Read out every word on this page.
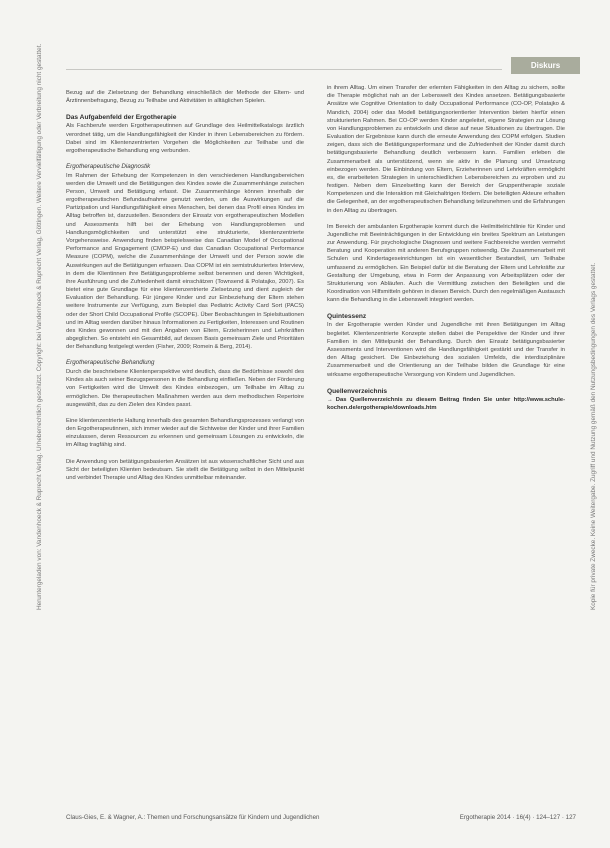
Diskurs
Heruntergeladen von: Vandenhoeck & Ruprecht Verlag. Urheberrechtlich geschützt. Copyright: bei Vandenhoeck & Ruprecht Verlag, Göttingen. Weitere Vervielfältigung oder Verbreitung nicht gestattet.	Kopie für private Zwecke. Keine Weitergabe. Zugriff und Nutzung gemäß den Nutzungsbedingungen des Verlags gestattet.

Bezug auf die Zielsetzung der Behandlung einschließlich der Methode der Eltern- und Ärztinnenbefragung, Bezug zu Teilhabe und Aktivitäten in alltäglichen Spielen.

Das Aufgabenfeld der Ergotherapie

Als Fachberufe werden Ergotherapeutinnen auf Grundlage des Heilmittelkatalogs ärztlich verordnet tätig, um die Handlungsfähigkeit der Kinder in ihren Lebensbereichen zu fördern. Dabei sind im Klientenzentrierten Vorgehen die Möglichkeiten zur Teilhabe und die ergotherapeutische Behandlung eng verbunden.

Ergotherapeutische Diagnostik

Im Rahmen der Erhebung der Kompetenzen in den verschiedenen Handlungsbereichen werden die Umwelt und die Betätigungen des Kindes sowie die Zusammenhänge zwischen Person, Umwelt und Betätigung erfasst. Die Zusammenhänge können innerhalb der ergotherapeutischen Befundaufnahme genutzt werden, um die Auswirkungen auf die Partizipation und Handlungsfähigkeit eines Menschen, bei denen das Profil eines Kindes im Alltag betroffen ist, darzustellen. Besonders der Einsatz von ergotherapeutischen Modellen und Assessments hilft bei der Erhebung von Handlungsproblemen und Handlungsmöglichkeiten und unterstützt eine strukturierte, klientenzentrierte Vorgehensweise. Anwendung finden beispielsweise das Canadian Model of Occupational Performance and Engagement (CMOP-E) und das Canadian Occupational Performance Measure (COPM), welche die Zusammenhänge der Umwelt und der Person sowie die Auswirkungen auf die Betätigungen erfassen. Das COPM ist ein semistrukturiertes Interview, in dem die Klientinnen ihre Betätigungsprobleme selbst benennen und deren Wichtigkeit, ihre Ausführung und die Zufriedenheit damit einschätzen (Townsend & Polatajko, 2007). Es bietet eine gute Grundlage für eine klientenzentrierte Zielsetzung und dient zugleich der Evaluation der Behandlung. Für jüngere Kinder und zur Einbeziehung der Eltern stehen weitere Instrumente zur Verfügung, zum Beispiel das Pediatric Activity Card Sort (PACS) oder der Short Child Occupational Profile (SCOPE). Über Beobachtungen in Spielsituationen und im Alltag werden darüber hinaus Informationen zu Fertigkeiten, Interessen und Routinen des Kindes gewonnen und mit den Angaben von Eltern, Erzieherinnen und Lehrkräften abgeglichen. So entsteht ein Gesamtbild, auf dessen Basis gemeinsam Ziele und Prioritäten der Behandlung festgelegt werden (Fisher, 2009; Romein & Berg, 2014).

Ergotherapeutische Behandlung

Durch die beschriebene Klientenperspektive wird deutlich, dass die Bedürfnisse sowohl des Kindes als auch seiner Bezugspersonen in die Behandlung einfließen. Neben der Förderung von Fertigkeiten wird die Umwelt des Kindes einbezogen, um Teilhabe im Alltag zu ermöglichen. Die therapeutischen Maßnahmen werden aus dem methodischen Repertoire ausgewählt, das zu den Zielen des Kindes passt.

Eine klientenzentrierte Haltung innerhalb des gesamten Behandlungsprozesses verlangt von den Ergotherapeutinnen, sich immer wieder auf die Sichtweise der Kinder und ihrer Familien einzulassen, deren Ressourcen zu erkennen und gemeinsam Lösungen zu entwickeln, die im Alltag tragfähig sind.

Die Anwendung von betätigungsbasierten Ansätzen ist aus wissenschaftlicher Sicht und aus Sicht der beteiligten Klienten bedeutsam. Sie stellt die Betätigung selbst in den Mittelpunkt und verbindet Therapie und Alltag des Kindes unmittelbar miteinander.

in ihrem Alltag. Um einen Transfer der erlernten Fähigkeiten in den Alltag zu sichern, sollte die Therapie möglichst nah an der Lebenswelt des Kindes ansetzen. Betätigungsbasierte Ansätze wie Cognitive Orientation to daily Occupational Performance (CO-OP, Polatajko & Mandich, 2004) oder das Modell betätigungsorientierter Intervention bieten hierfür einen strukturierten Rahmen. Bei CO-OP werden Kinder angeleitet, eigene Strategien zur Lösung von Handlungsproblemen zu entwickeln und diese auf neue Situationen zu übertragen. Die Evaluation der Ergebnisse kann durch die erneute Anwendung des COPM erfolgen. Studien zeigen, dass sich die Betätigungsperformanz und die Zufriedenheit der Kinder damit durch betätigungsbasierte Behandlung deutlich verbessern kann. Familien erleben die Zusammenarbeit als unterstützend, wenn sie aktiv in die Planung und Umsetzung einbezogen werden. Die Einbindung von Eltern, Erzieherinnen und Lehrkräften ermöglicht es, die erarbeiteten Strategien in unterschiedlichen Lebensbereichen zu erproben und zu festigen. Neben dem Einzelsetting kann der Bereich der Gruppentherapie soziale Kompetenzen und die Interaktion mit Gleichaltrigen fördern. Die beteiligten Akteure erhalten die Gelegenheit, an der ergotherapeutischen Behandlung teilzunehmen und die Erfahrungen in den Alltag zu übertragen.

Im Bereich der ambulanten Ergotherapie kommt durch die Heilmittelrichtlinie für Kinder und Jugendliche mit Beeinträchtigungen in der Entwicklung ein breites Spektrum an Leistungen zur Anwendung. Für psychologische Diagnosen und weitere Fachbereiche werden vermehrt Beratung und Kooperation mit anderen Berufsgruppen notwendig. Die Zusammenarbeit mit Schulen und Kindertageseinrichtungen ist ein wesentlicher Bestandteil, um Teilhabe umfassend zu ermöglichen. Ein Beispiel dafür ist die Beratung der Eltern und Lehrkräfte zur Gestaltung der Umgebung, etwa in Form der Anpassung von Arbeitsplätzen oder der Strukturierung von Abläufen. Auch die Vermittlung zwischen den Beteiligten und die Koordination von Hilfsmitteln gehören in diesen Bereich. Durch den regelmäßigen Austausch kann die Behandlung in die Lebenswelt integriert werden.

Quintessenz

In der Ergotherapie werden Kinder und Jugendliche mit ihren Betätigungen im Alltag begleitet. Klientenzentrierte Konzepte stellen dabei die Perspektive der Kinder und ihrer Familien in den Mittelpunkt der Behandlung. Durch den Einsatz betätigungsbasierter Assessments und Interventionen wird die Handlungsfähigkeit gestärkt und der Transfer in den Alltag gesichert. Die Einbeziehung des sozialen Umfelds, die interdisziplinäre Zusammenarbeit und die Orientierung an der Teilhabe bilden die Grundlage für eine wirksame ergotherapeutische Versorgung von Kindern und Jugendlichen.

Quellenverzeichnis

→ Das Quellenverzeichnis zu diesem Beitrag finden Sie unter http://www.schule-kochen.de/ergotherapie/downloads.htm

Claus-Gies, E. & Wagner, A.: Themen und Forschungsansätze für Kindern und Jugendlichen	Ergotherapie 2014 · 16(4) · 124–127 · 127
